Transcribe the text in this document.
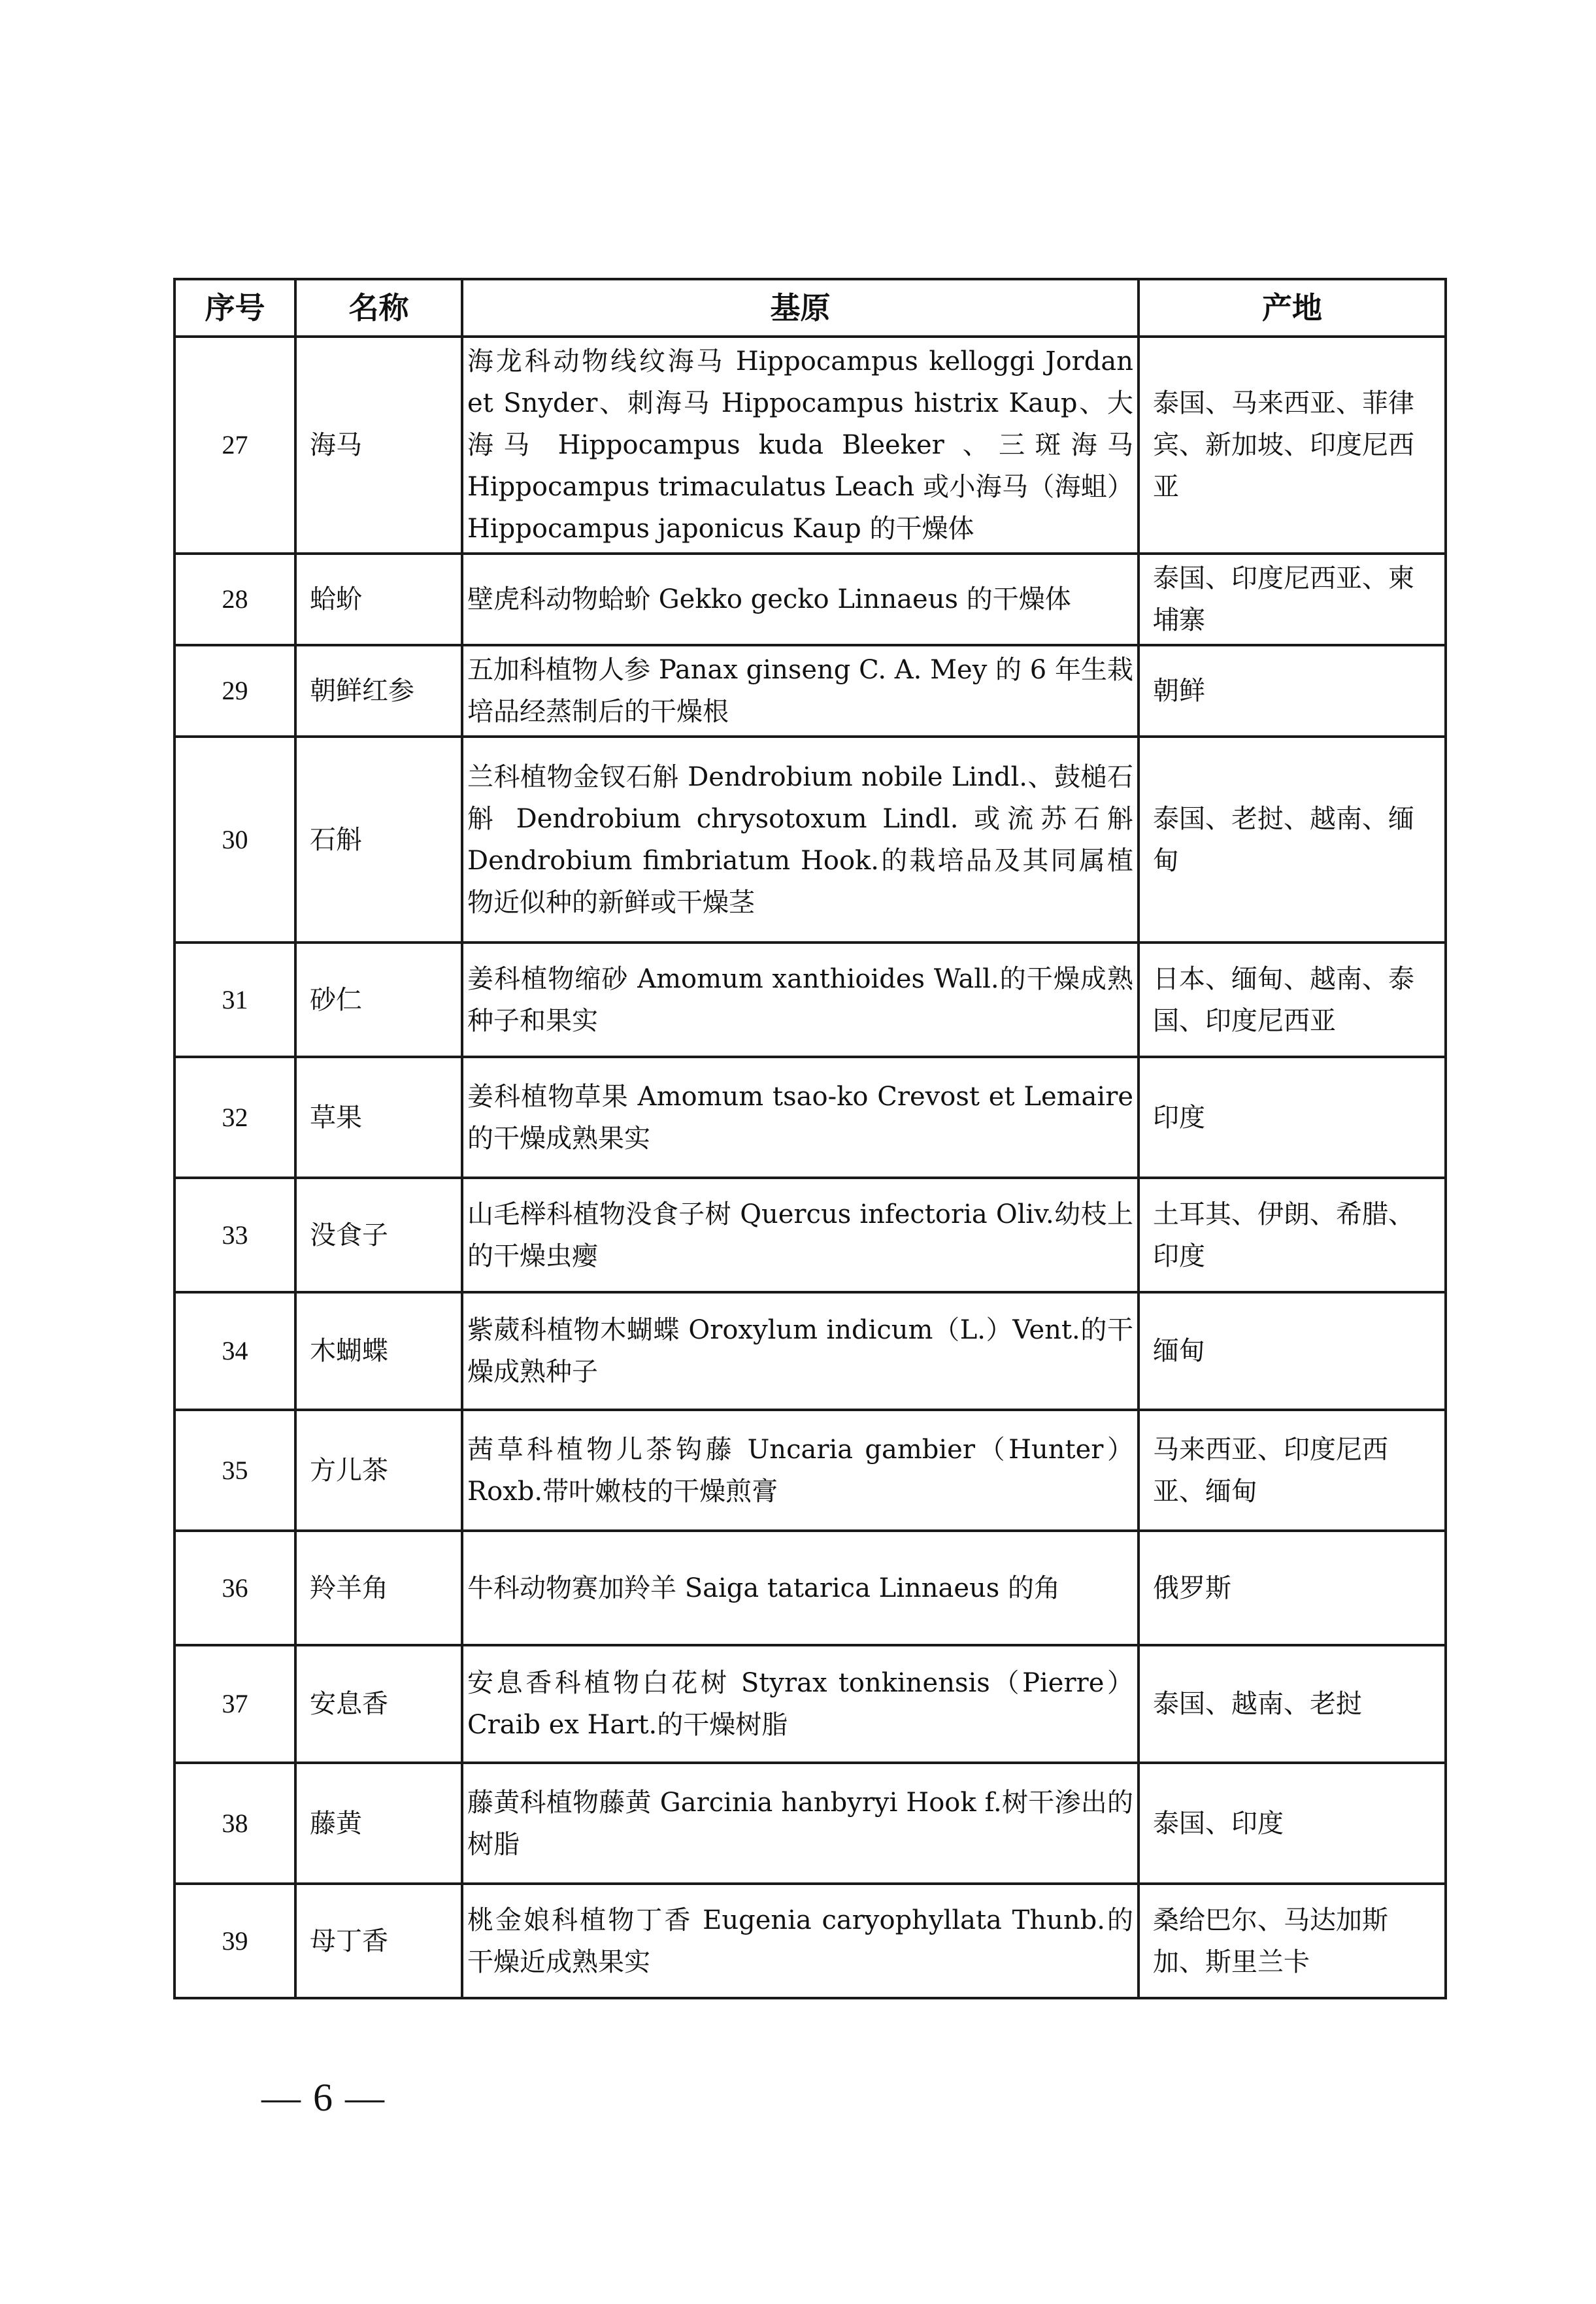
序号	名称	基原	产地
27	海马	海龙科动物线纹海马 Hippocampus kelloggi Jordan et Snyder、刺海马 Hippocampus histrix Kaup、大海马 Hippocampus kuda Bleeker 、三斑海马 Hippocampus trimaculatus Leach 或小海马（海蛆）Hippocampus japonicus Kaup 的干燥体	泰国、马来西亚、菲律宾、新加坡、印度尼西亚
28	蛤蚧	壁虎科动物蛤蚧 Gekko gecko Linnaeus 的干燥体	泰国、印度尼西亚、柬埔寨
29	朝鲜红参	五加科植物人参 Panax ginseng C. A. Mey 的 6 年生栽培品经蒸制后的干燥根	朝鲜
30	石斛	兰科植物金钗石斛 Dendrobium nobile Lindl.、鼓槌石斛 Dendrobium chrysotoxum Lindl. 或流苏石斛 Dendrobium fimbriatum Hook.的栽培品及其同属植物近似种的新鲜或干燥茎	泰国、老挝、越南、缅甸
31	砂仁	姜科植物缩砂 Amomum xanthioides Wall.的干燥成熟种子和果实	日本、缅甸、越南、泰国、印度尼西亚
32	草果	姜科植物草果 Amomum tsao-ko Crevost et Lemaire 的干燥成熟果实	印度
33	没食子	山毛榉科植物没食子树 Quercus infectoria Oliv.幼枝上的干燥虫瘿	土耳其、伊朗、希腊、印度
34	木蝴蝶	紫葳科植物木蝴蝶 Oroxylum indicum（L.）Vent.的干燥成熟种子	缅甸
35	方儿茶	茜草科植物儿茶钩藤 Uncaria gambier（Hunter）Roxb.带叶嫩枝的干燥煎膏	马来西亚、印度尼西亚、缅甸
36	羚羊角	牛科动物赛加羚羊 Saiga tatarica Linnaeus 的角	俄罗斯
37	安息香	安息香科植物白花树 Styrax tonkinensis（Pierre）Craib ex Hart.的干燥树脂	泰国、越南、老挝
38	藤黄	藤黄科植物藤黄 Garcinia hanbyryi Hook f.树干渗出的树脂	泰国、印度
39	母丁香	桃金娘科植物丁香 Eugenia caryophyllata Thunb.的干燥近成熟果实	桑给巴尔、马达加斯加、斯里兰卡
— 6 —
